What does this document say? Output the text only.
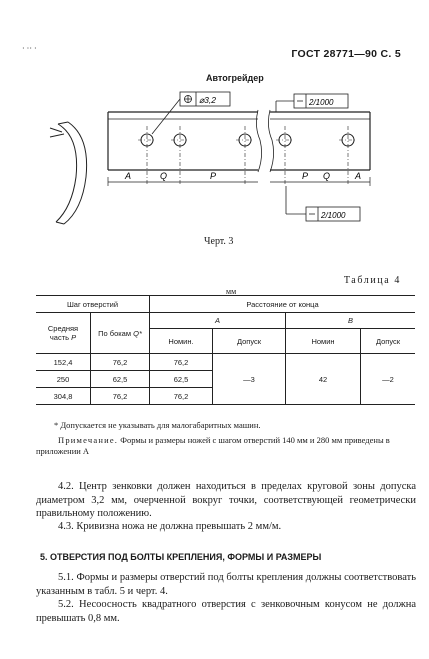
· ·· ·	ГОСТ 28771—90 С. 5
Автогрейдер
A	Q	P	P Q	A
⌀3,2	2/1000
2/1000
Черт. 3
Таблица 4
мм
Шаг отверстий		Расстояние от конца			
Средняя часть P	По бокам Q*	A		B	
		Номин.	Допуск	Номин	Допуск
152,4	76,2	76,2	—3	42	—2
250	62,5	62,5			
304,8	76,2	76,2			
* Допускается не указывать для малогабаритных машин.
Примечание. Формы и размеры ножей с шагом отверстий 140 мм и 280 мм приведены в приложении А
4.2. Центр зенковки должен находиться в пределах круговой зоны допуска диаметром 3,2 мм, очерченной вокруг точки, соответствующей геометрически правильному положению.
4.3. Кривизна ножа не должна превышать 2 мм/м.
5. ОТВЕРСТИЯ ПОД БОЛТЫ КРЕПЛЕНИЯ, ФОРМЫ И РАЗМЕРЫ
5.1. Формы и размеры отверстий под болты крепления должны соответствовать указанным в табл. 5 и черт. 4.
5.2. Несоосность квадратного отверстия с зенковочным конусом не должна превышать 0,8 мм.
